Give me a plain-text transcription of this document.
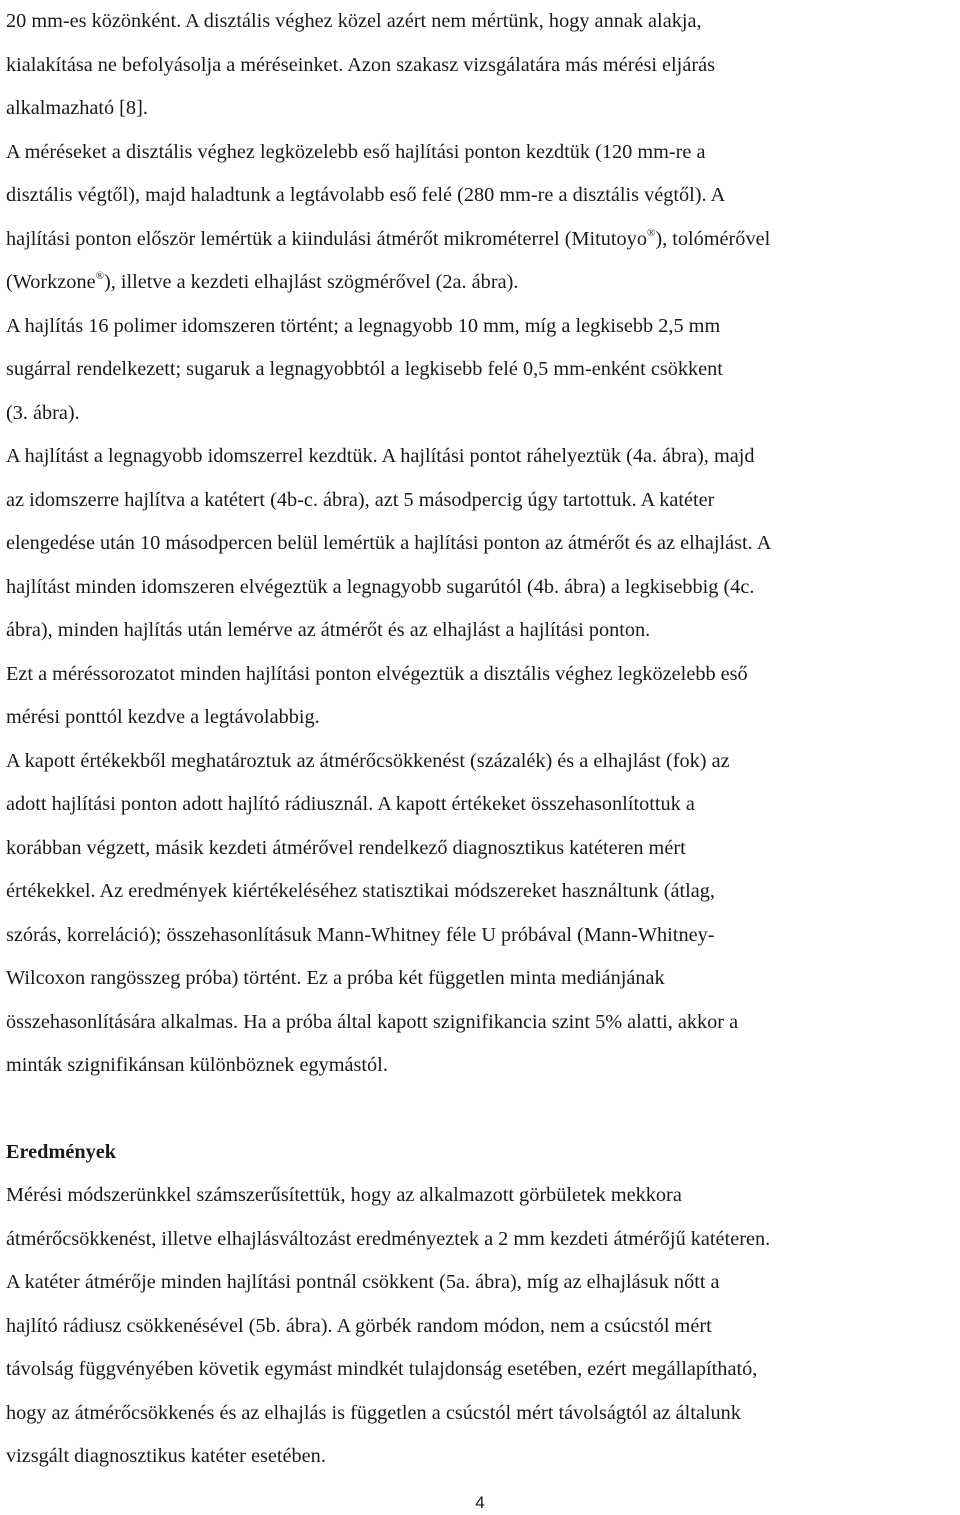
20 mm-es közönként. A disztális véghez közel azért nem mértünk, hogy annak alakja,
kialakítása ne befolyásolja a méréseinket. Azon szakasz vizsgálatára más mérési eljárás
alkalmazható [8].

A méréseket a disztális véghez legközelebb eső hajlítási ponton kezdtük (120 mm-re a
disztális végtől), majd haladtunk a legtávolabb eső felé (280 mm-re a disztális végtől). A
hajlítási ponton először lemértük a kiindulási átmérőt mikrométerrel (Mitutoyo®), tolómérővel
(Workzone®), illetve a kezdeti elhajlást szögmérővel (2a. ábra).

A hajlítás 16 polimer idomszeren történt; a legnagyobb 10 mm, míg a legkisebb 2,5 mm
sugárral rendelkezett; sugaruk a legnagyobbtól a legkisebb felé 0,5 mm-enként csökkent
(3. ábra).

A hajlítást a legnagyobb idomszerrel kezdtük. A hajlítási pontot ráhelyeztük (4a. ábra), majd
az idomszerre hajlítva a katétert (4b-c. ábra), azt 5 másodpercig úgy tartottuk. A katéter
elengedése után 10 másodpercen belül lemértük a hajlítási ponton az átmérőt és az elhajlást. A
hajlítást minden idomszeren elvégeztük a legnagyobb sugarútól (4b. ábra) a legkisebbig (4c.
ábra), minden hajlítás után lemérve az átmérőt és az elhajlást a hajlítási ponton.

Ezt a méréssorozatot minden hajlítási ponton elvégeztük a disztális véghez legközelebb eső
mérési ponttól kezdve a legtávolabbig.

A kapott értékekből meghatároztuk az átmérőcsökkenést (százalék) és a elhajlást (fok) az
adott hajlítási ponton adott hajlító rádiusznál. A kapott értékeket összehasonlítottuk a
korábban végzett, másik kezdeti átmérővel rendelkező diagnosztikus katéteren mért
értékekkel. Az eredmények kiértékeléséhez statisztikai módszereket használtunk (átlag,
szórás, korreláció); összehasonlításuk Mann-Whitney féle U próbával (Mann-Whitney-
Wilcoxon rangösszeg próba) történt. Ez a próba két független minta mediánjának
összehasonlítására alkalmas. Ha a próba által kapott szignifikancia szint 5% alatti, akkor a
minták szignifikánsan különböznek egymástól.

Eredmények

Mérési módszerünkkel számszerűsítettük, hogy az alkalmazott görbületek mekkora
átmérőcsökkenést, illetve elhajlásváltozást eredményeztek a 2 mm kezdeti átmérőjű katéteren.
A katéter átmérője minden hajlítási pontnál csökkent (5a. ábra), míg az elhajlásuk nőtt a
hajlító rádiusz csökkenésével (5b. ábra). A görbék random módon, nem a csúcstól mért
távolság függvényében követik egymást mindkét tulajdonság esetében, ezért megállapítható,
hogy az átmérőcsökkenés és az elhajlás is független a csúcstól mért távolságtól az általunk
vizsgált diagnosztikus katéter esetében.

4
